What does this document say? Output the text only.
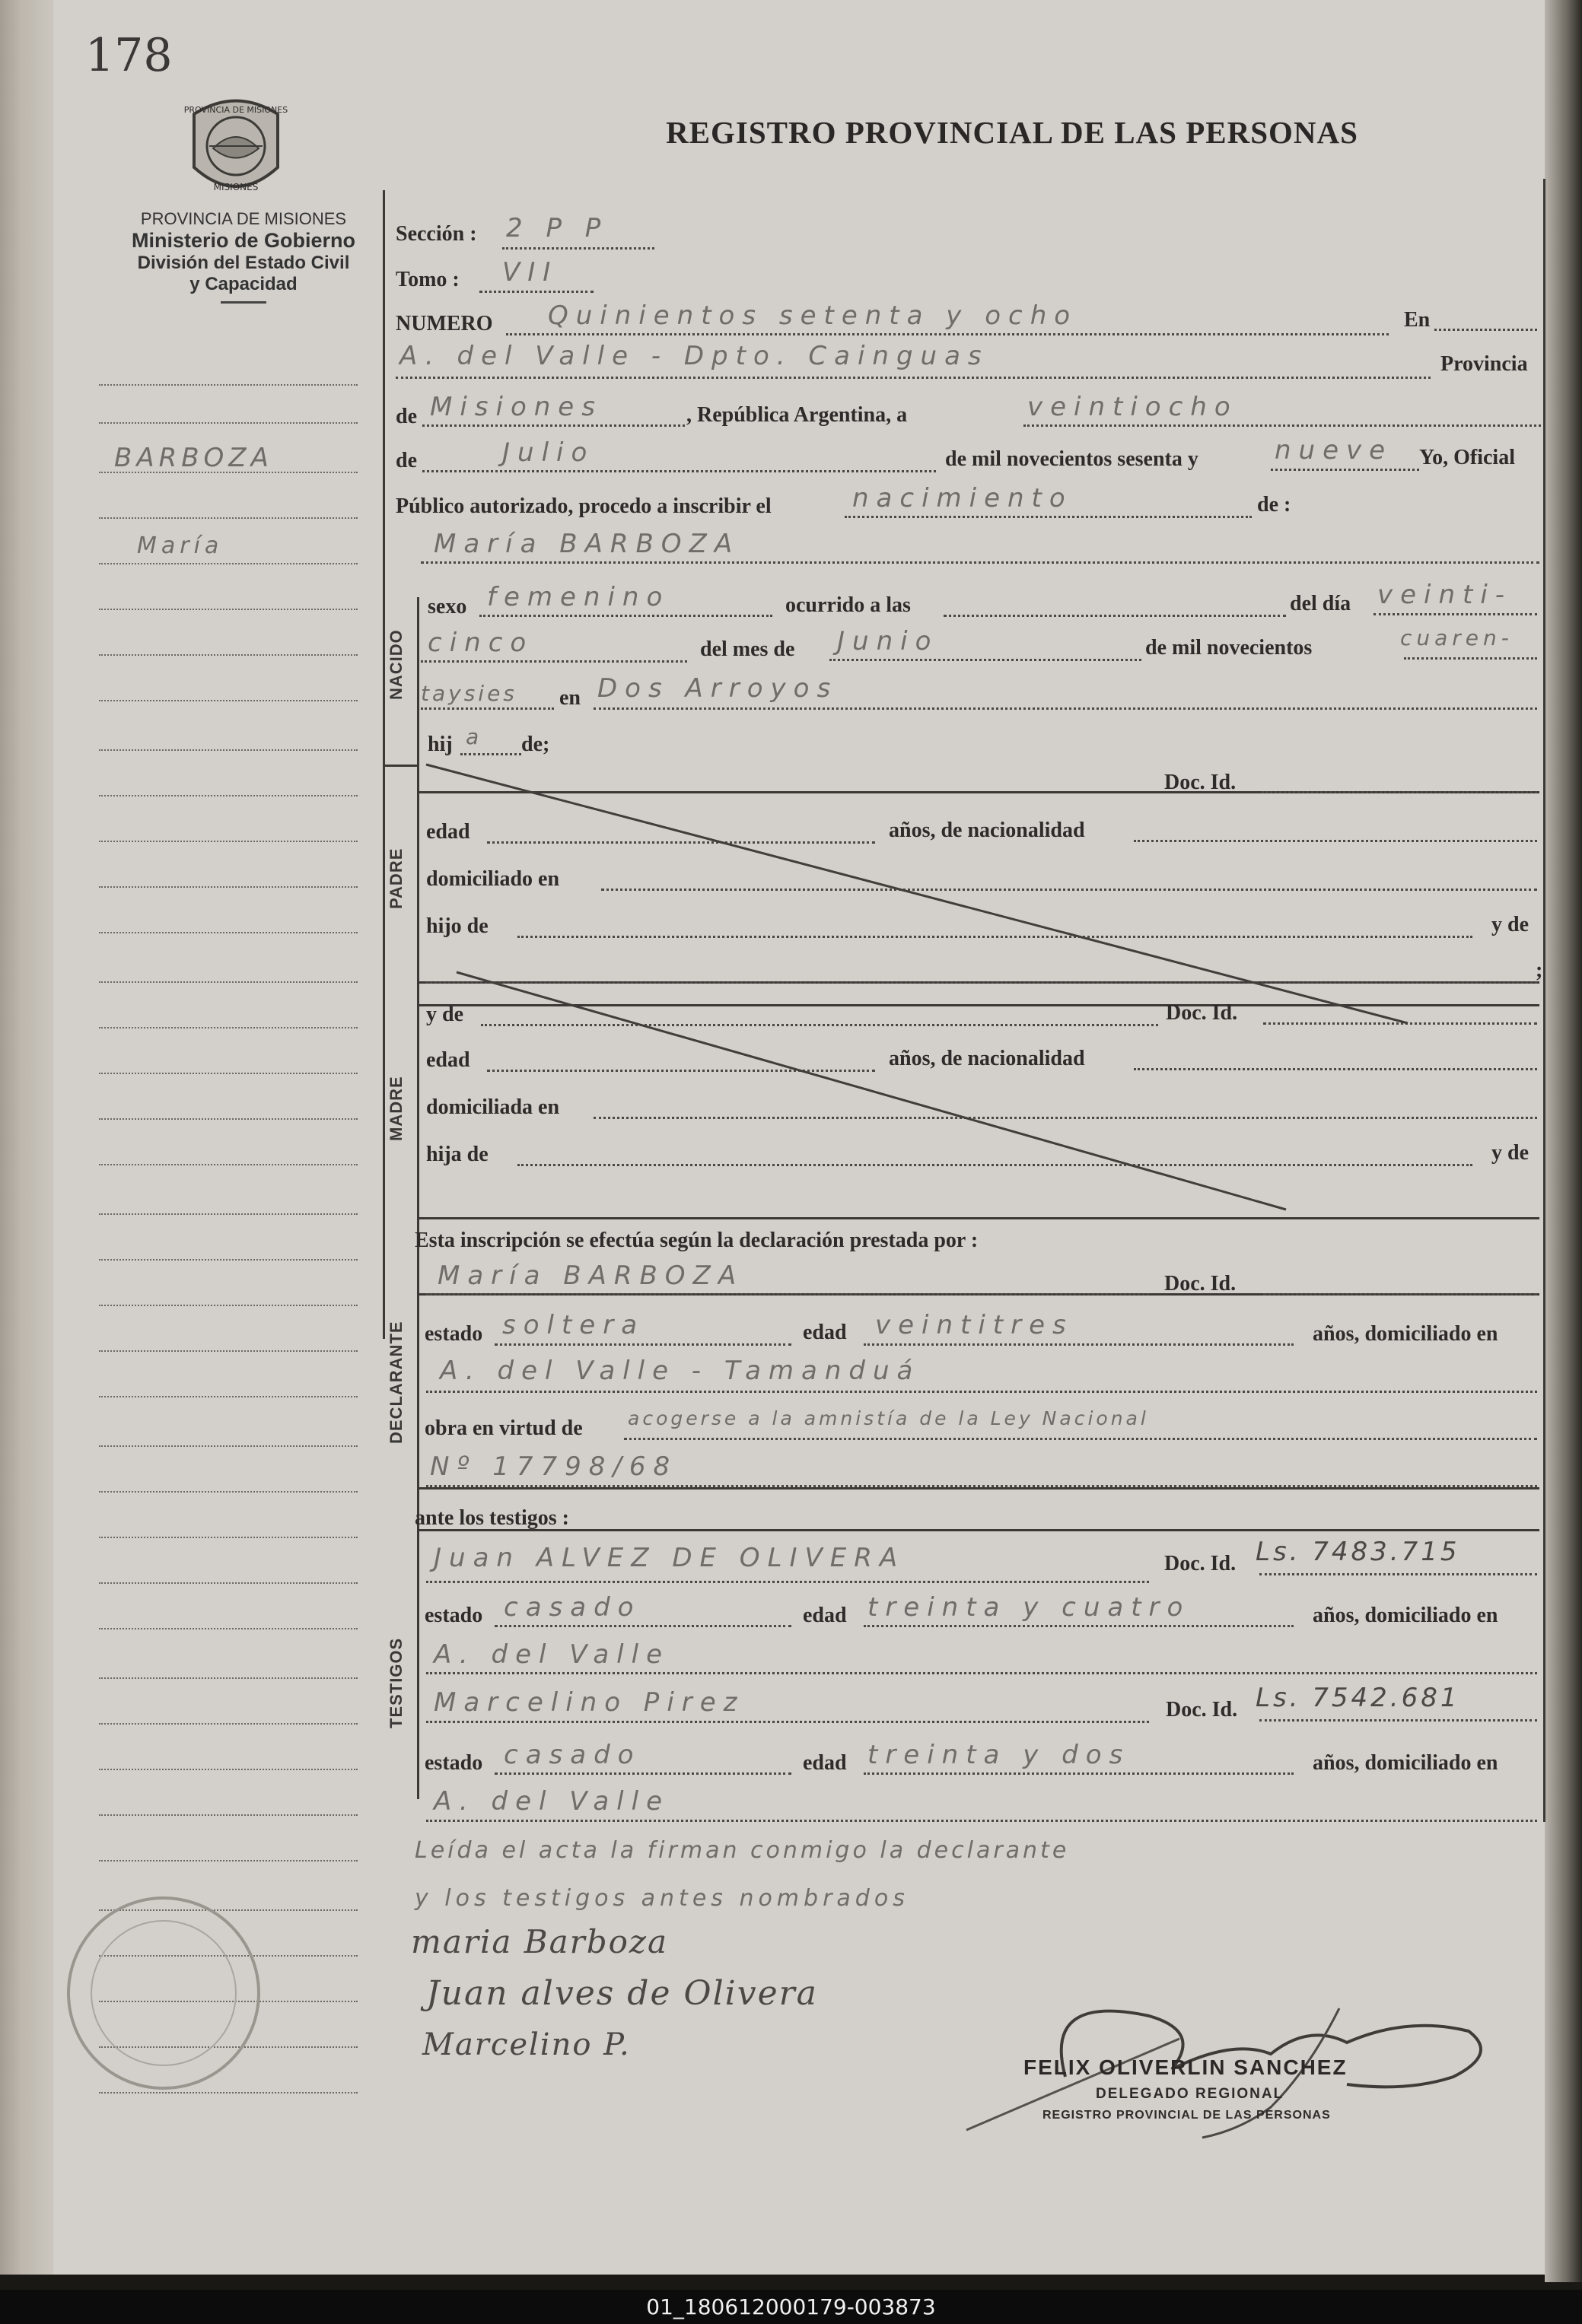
178
PROVINCIA DE MISIONES
MISIONES
PROVINCIA DE MISIONES
Ministerio de Gobierno
División del Estado Civil
y Capacidad
REGISTRO PROVINCIAL DE LAS PERSONAS
BARBOZA
María
NACIDO
PADRE
MADRE
DECLARANTE
TESTIGOS
Sección : 2 P P
Tomo : VII
NUMERO Quinientos setenta y ocho	En
A. del Valle - Dpto. Cainguas	Provincia
de Misiones	, República Argentina, a	veintiocho
de	Julio	de mil novecientos sesenta y	nueve Yo, Oficial
Público autorizado, procedo a inscribir el	nacimiento	de :
María BARBOZA
sexo femenino	ocurrido a las	del día veinti-
cinco	del mes de Junio	de mil novecientos	cuaren-
taysies en Dos Arroyos
hij a de;
Doc. Id.
edad	años, de nacionalidad
domiciliado en
hijo de	y de
;
y de	Doc. Id.
edad	años, de nacionalidad
domiciliada en
hija de	y de
Esta inscripción se efectúa según la declaración prestada por :
María BARBOZA	Doc. Id.
estado soltera	edad veintitres	años, domiciliado en
A. del Valle - Tamanduá
obra en virtud de acogerse a la amnistía de la Ley Nacional
Nº 17798/68
ante los testigos :
Juan ALVEZ DE OLIVERA	Doc. Id. Ls. 7483.715
estado casado	edad treinta y cuatro	años, domiciliado en
A. del Valle
Marcelino Pirez	Doc. Id. Ls. 7542.681
estado casado	edad treinta y dos	años, domiciliado en
A. del Valle
Leída el acta la firman conmigo la declarante
y los testigos antes nombrados
maria Barboza
Juan alves de Olivera
Marcelino P.
FELIX OLIVERLIN SANCHEZ
DELEGADO REGIONAL
REGISTRO PROVINCIAL DE LAS PERSONAS
01_180612000179-003873
